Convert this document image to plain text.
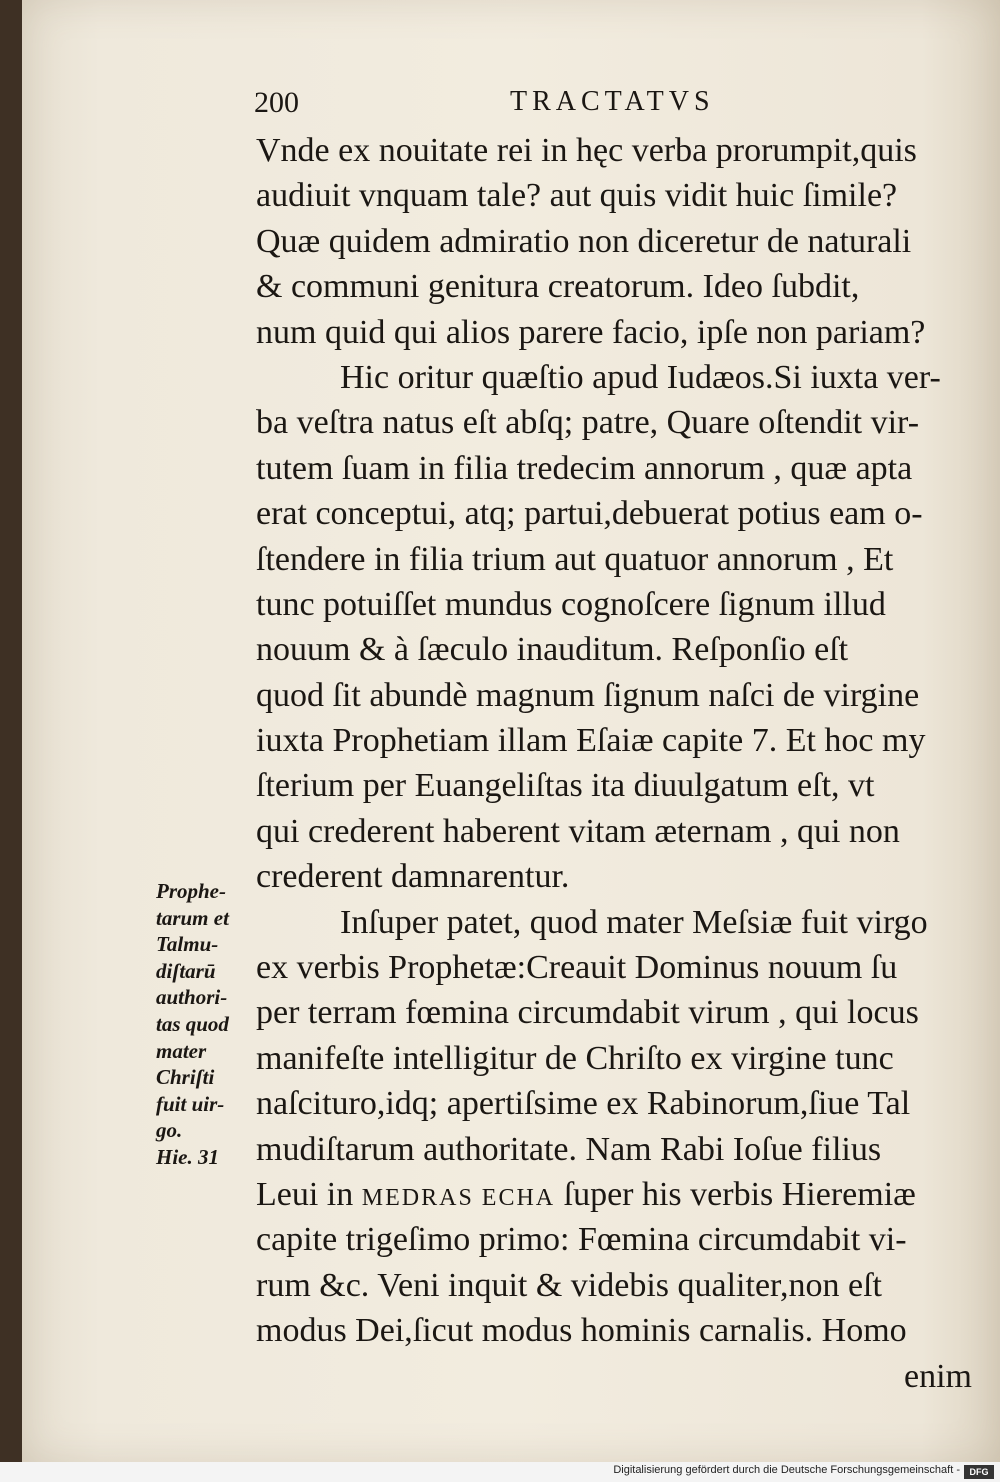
200	TRACTATVS
Vnde ex nouitate rei in hęc verba prorumpit,quis
audiuit vnquam tale? aut quis vidit huic ſimile?
Quæ quidem admiratio non diceretur de naturali
& communi genitura creatorum. Ideo ſubdit,
num quid qui alios parere facio, ipſe non pariam?
Hic oritur quæſtio apud Iudæos.Si iuxta ver-
ba veſtra natus eſt abſq; patre, Quare oſtendit vir-
tutem ſuam in filia tredecim annorum , quæ apta
erat conceptui, atq; partui,debuerat potius eam o-
ſtendere in filia trium aut quatuor annorum , Et
tunc potuiſſet mundus cognoſcere ſignum illud
nouum & à ſæculo inauditum. Reſponſio eſt
quod ſit abundè magnum ſignum naſci de virgine
iuxta Prophetiam illam Eſaiæ capite 7. Et hoc my
ſterium per Euangeliſtas ita diuulgatum eſt, vt
qui crederent haberent vitam æternam , qui non
crederent damnarentur.
Inſuper patet, quod mater Meſsiæ fuit virgo
ex verbis Prophetæ:Creauit Dominus nouum ſu
per terram fœmina circumdabit virum , qui locus
manifeſte intelligitur de Chriſto ex virgine tunc
naſcituro,idq; apertiſsime ex Rabinorum,ſiue Tal
mudiſtarum authoritate. Nam Rabi Ioſue filius
Leui in MEDRAS ECHA ſuper his verbis Hieremiæ
capite trigeſimo primo: Fœmina circumdabit vi-
rum &c. Veni inquit & videbis qualiter,non eſt
modus Dei,ſicut modus hominis carnalis. Homo
enim
Prophe-
tarum et
Talmu-
diſtarū
authori-
tas quod
mater
Chriſti
fuit uir-
go.
Hie. 31
Digitalisierung gefördert durch die Deutsche Forschungsgemeinschaft -	DFG
